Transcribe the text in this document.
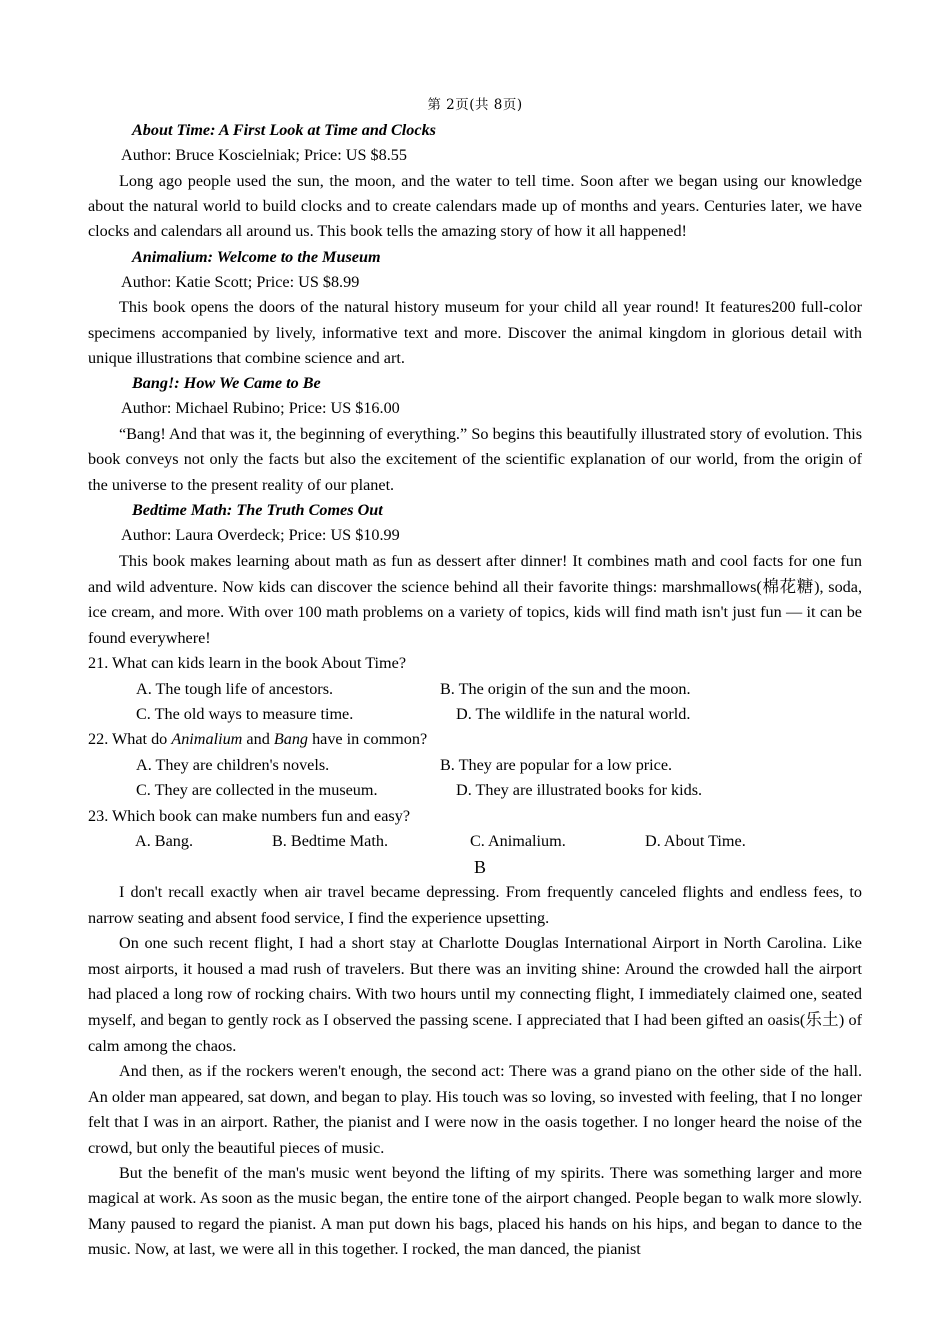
第 2页(共 8页)

About Time: A First Look at Time and Clocks

Author: Bruce Koscielniak; Price: US $8.55

Long ago people used the sun, the moon, and the water to tell time. Soon after we began using our knowledge about the natural world to build clocks and to create calendars made up of months and years. Centuries later, we have clocks and calendars all around us. This book tells the amazing story of how it all happened!

Animalium: Welcome to the Museum

Author: Katie Scott; Price: US $8.99

This book opens the doors of the natural history museum for your child all year round! It features200 full-color specimens accompanied by lively, informative text and more. Discover the animal kingdom in glorious detail with unique illustrations that combine science and art.

Bang!: How We Came to Be

Author: Michael Rubino; Price: US $16.00

“Bang! And that was it, the beginning of everything.” So begins this beautifully illustrated story of evolution. This book conveys not only the facts but also the excitement of the scientific explanation of our world, from the origin of the universe to the present reality of our planet.

Bedtime Math: The Truth Comes Out

Author: Laura Overdeck; Price: US $10.99

This book makes learning about math as fun as dessert after dinner! It combines math and cool facts for one fun and wild adventure. Now kids can discover the science behind all their favorite things: marshmallows(棉花糖), soda, ice cream, and more. With over 100 math problems on a variety of topics, kids will find math isn't just fun — it can be found everywhere!

21. What can kids learn in the book About Time?

A. The tough life of ancestors.	B. The origin of the sun and the moon.
C. The old ways to measure time.	D. The wildlife in the natural world.

22. What do Animalium and Bang have in common?

A. They are children's novels.	B. They are popular for a low price.
C. They are collected in the museum.	D. They are illustrated books for kids.

23. Which book can make numbers fun and easy?

A. Bang.	B. Bedtime Math.	C. Animalium.	D. About Time.

B

I don't recall exactly when air travel became depressing. From frequently canceled flights and endless fees, to narrow seating and absent food service, I find the experience upsetting.

On one such recent flight, I had a short stay at Charlotte Douglas International Airport in North Carolina. Like most airports, it housed a mad rush of travelers. But there was an inviting shine: Around the crowded hall the airport had placed a long row of rocking chairs. With two hours until my connecting flight, I immediately claimed one, seated myself, and began to gently rock as I observed the passing scene. I appreciated that I had been gifted an oasis(乐土) of calm among the chaos.

And then, as if the rockers weren't enough, the second act: There was a grand piano on the other side of the hall. An older man appeared, sat down, and began to play. His touch was so loving, so invested with feeling, that I no longer felt that I was in an airport. Rather, the pianist and I were now in the oasis together. I no longer heard the noise of the crowd, but only the beautiful pieces of music.

But the benefit of the man's music went beyond the lifting of my spirits. There was something larger and more magical at work. As soon as the music began, the entire tone of the airport changed. People began to walk more slowly. Many paused to regard the pianist. A man put down his bags, placed his hands on his hips, and began to dance to the music. Now, at last, we were all in this together. I rocked, the man danced, the pianist
